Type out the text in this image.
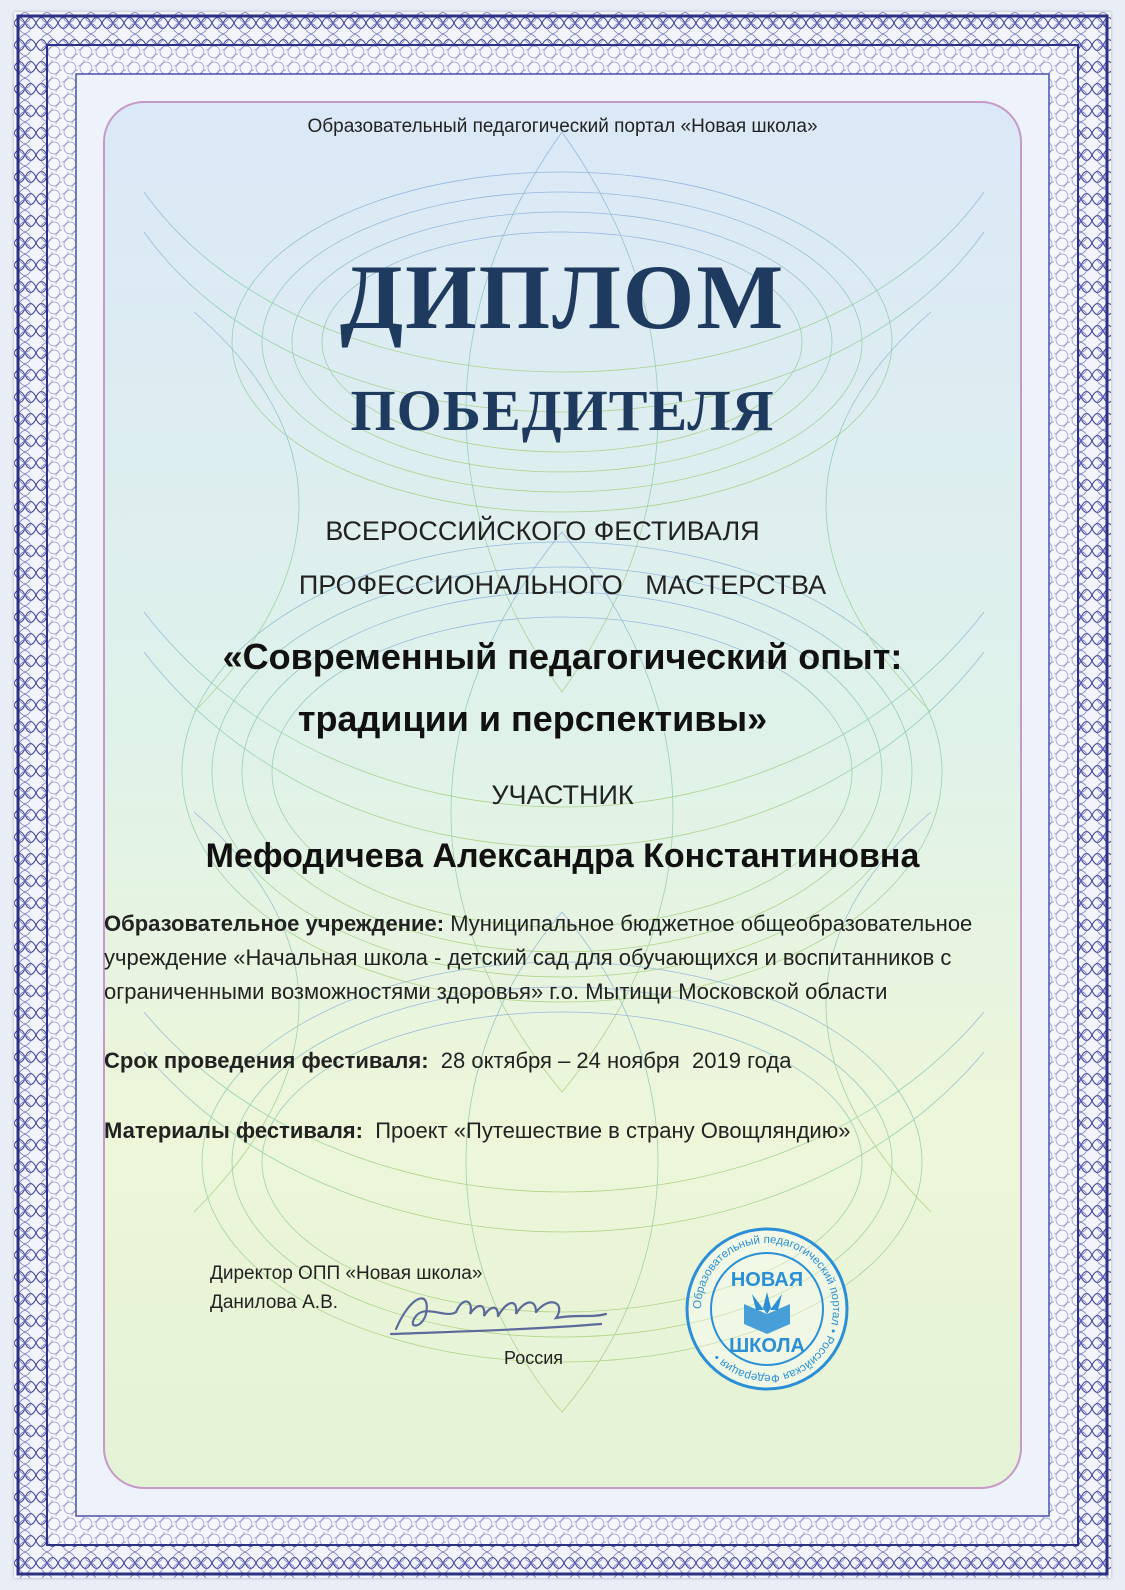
Образовательный педагогический портал «Новая школа»
ДИПЛОМ
ПОБЕДИТЕЛЯ
ВСЕРОССИЙСКОГО ФЕСТИВАЛЯ
ПРОФЕССИОНАЛЬНОГО   МАСТЕРСТВА
«Современный педагогический опыт:
традиции и перспективы»
УЧАСТНИК
Мефодичева Александра Константиновна
Образовательное учреждение: Муниципальное бюджетное общеобразовательное учреждение «Начальная школа - детский сад для обучающихся и воспитанников с ограниченными возможностями здоровья» г.о. Мытищи Московской области
Срок проведения фестиваля: 28 октября – 24 ноября  2019 года
Материалы фестиваля: Проект «Путешествие в страну Овощляндию»
Директор ОПП «Новая школа»
Данилова А.В.
Россия
Образовательный педагогический портал • Российская Федерация •
НОВАЯ
ШКОЛА
